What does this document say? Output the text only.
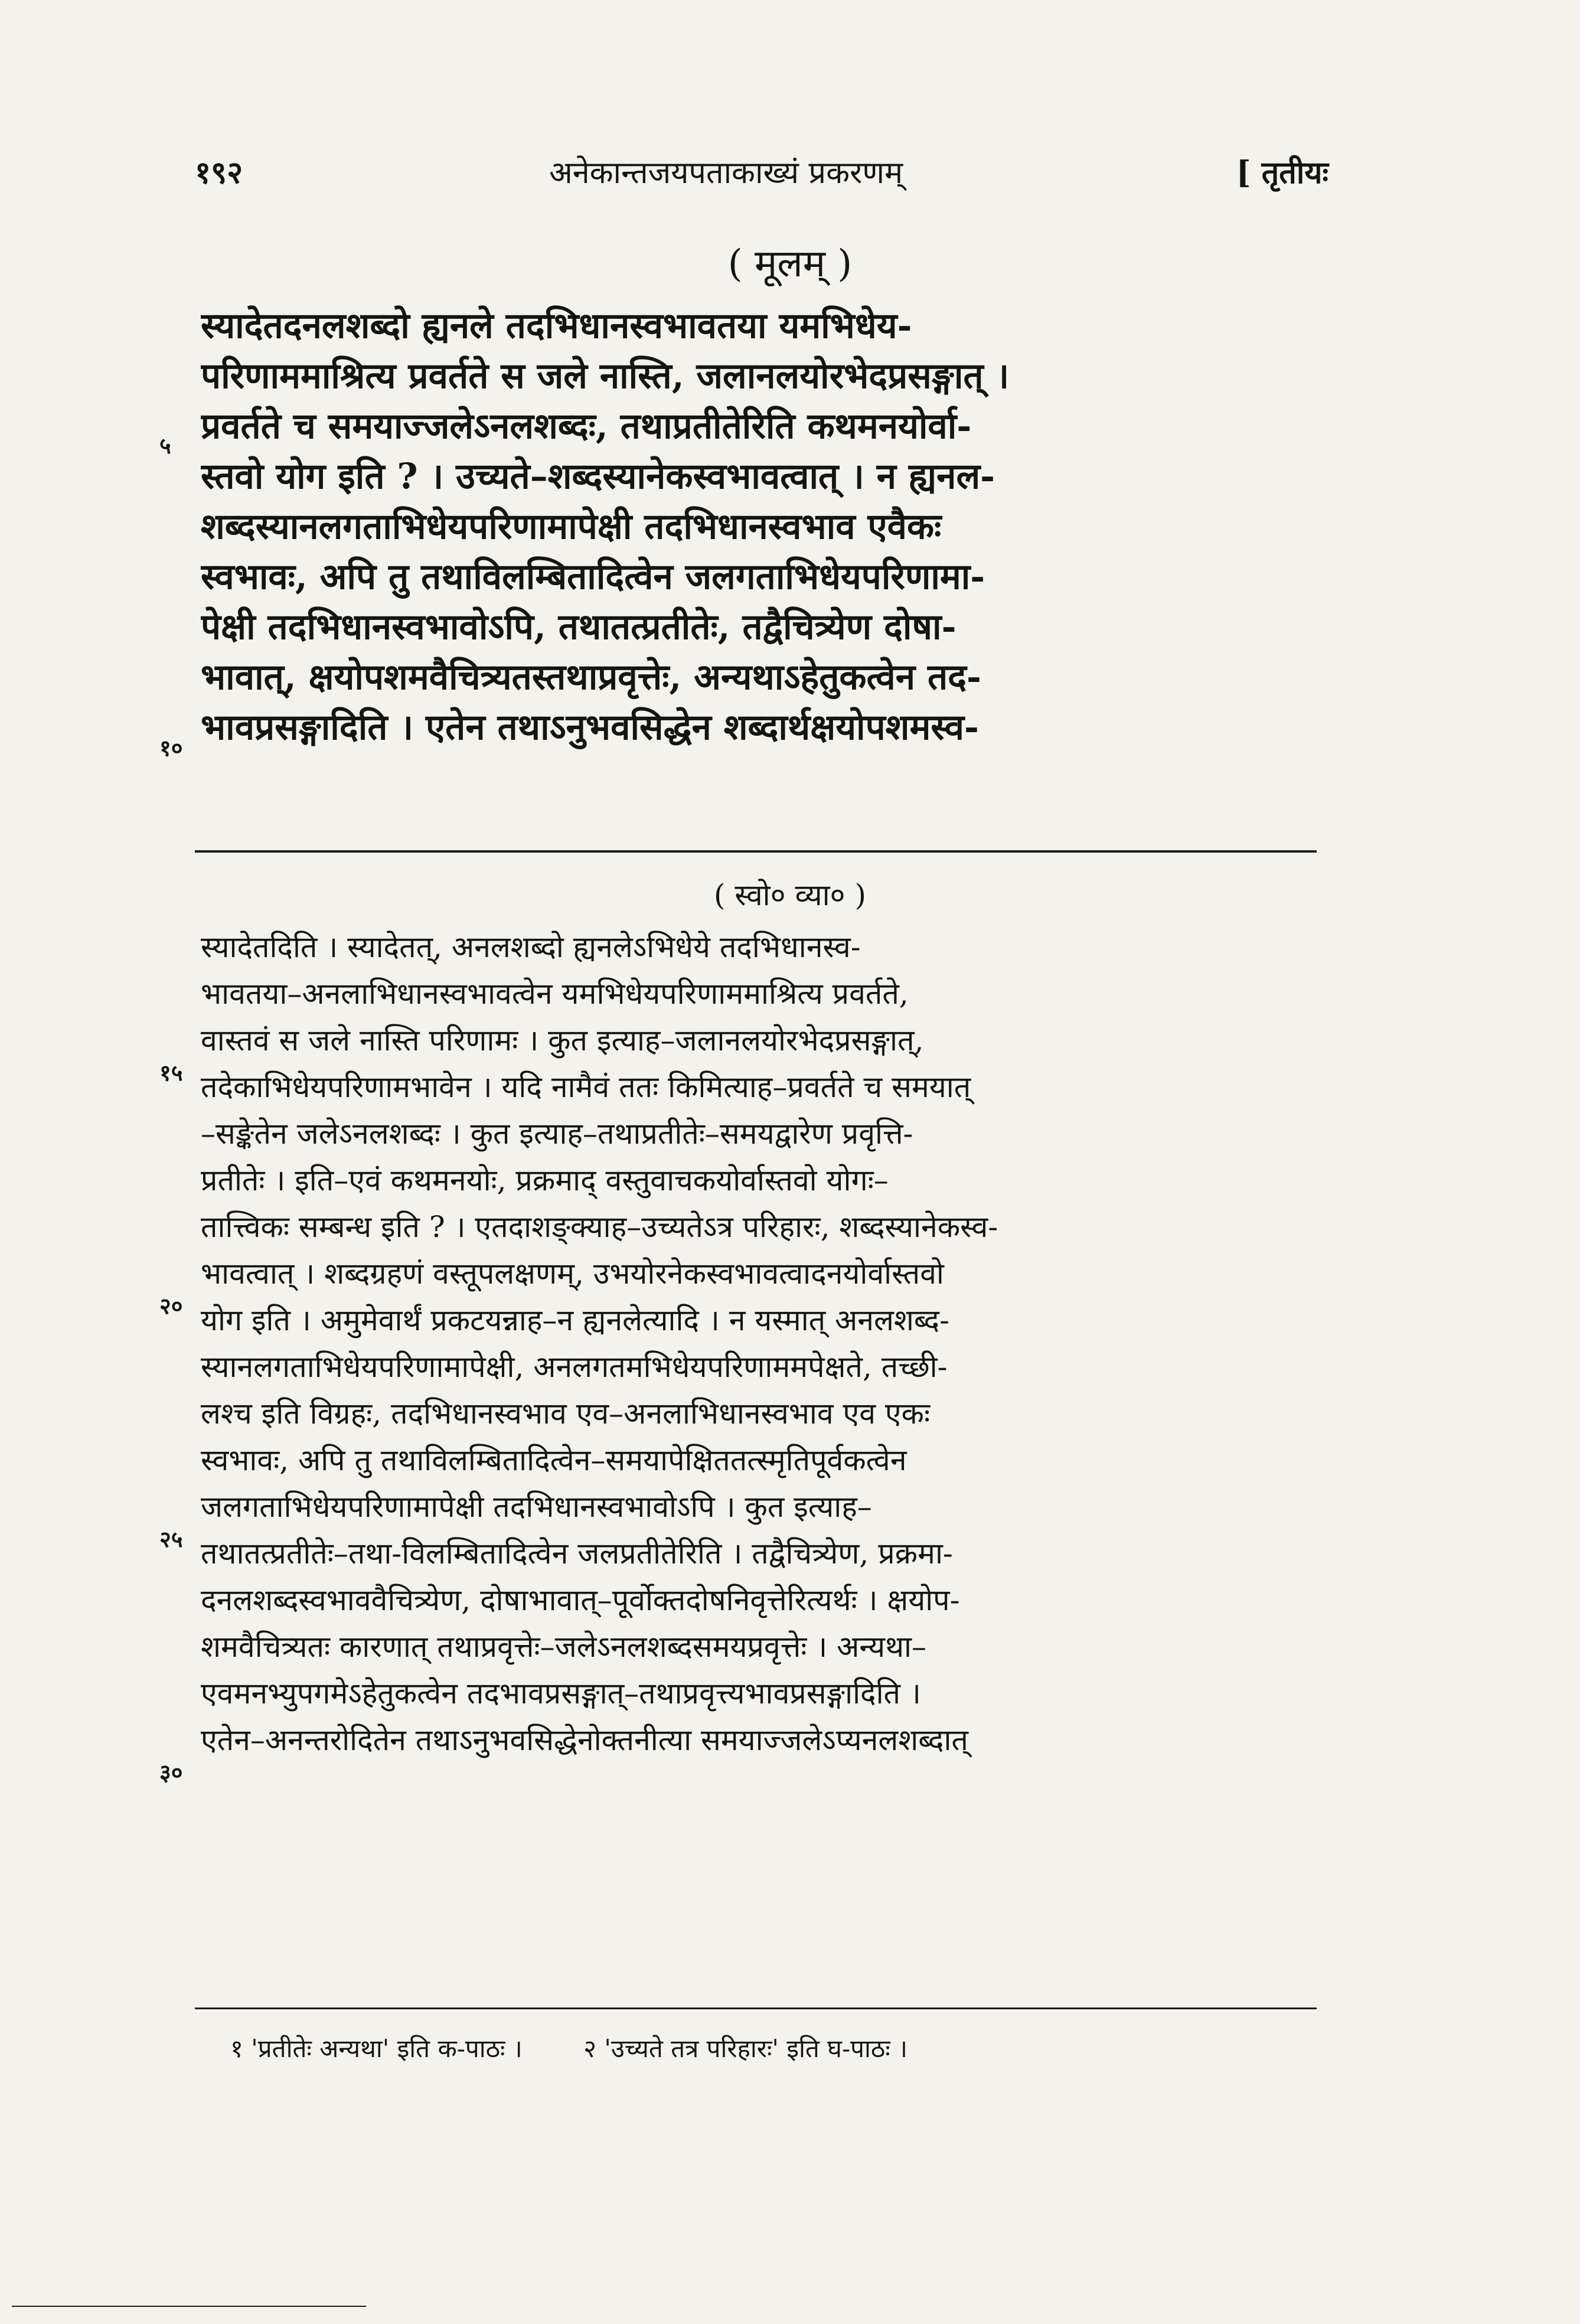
१९२	अनेकान्तजयपताकाख्यं प्रकरणम्	[ तृतीयः
( मूलम् )
स्यादेतदनलशब्दो ह्यनले तदभिधानस्वभावतया यमभिधेय-
परिणाममाश्रित्य प्रवर्तते स जले नास्ति, जलानलयोरभेदप्रसङ्गात् ।
प्रवर्तते च समयाज्जलेऽनलशब्दः, तथाप्रतीतेरिति कथमनयोर्वा-
स्तवो योग इति ? । उच्यते–शब्दस्यानेकस्वभावत्वात् । न ह्यनल-
शब्दस्यानलगताभिधेयपरिणामापेक्षी तदभिधानस्वभाव एवैकः
स्वभावः, अपि तु तथाविलम्बितादित्वेन जलगताभिधेयपरिणामा-
पेक्षी तदभिधानस्वभावोऽपि, तथातत्प्रतीतेः, तद्वैचित्र्येण दोषा-
भावात्, क्षयोपशमवैचित्र्यतस्तथाप्रवृत्तेः, अन्यथाऽहेतुकत्वेन तद-
भावप्रसङ्गादिति । एतेन तथाऽनुभवसिद्धेन शब्दार्थक्षयोपशमस्व-
५
१०
( स्वो० व्या० )
स्यादेतदिति । स्यादेतत्, अनलशब्दो ह्यनलेऽभिधेये तदभिधानस्व-
भावतया–अनलाभिधानस्वभावत्वेन यमभिधेयपरिणाममाश्रित्य प्रवर्तते,
वास्तवं स जले नास्ति परिणामः । कुत इत्याह–जलानलयोरभेदप्रसङ्गात्,
तदेकाभिधेयपरिणामभावेन । यदि नामैवं ततः किमित्याह–प्रवर्तते च समयात्
–सङ्केतेन जलेऽनलशब्दः । कुत इत्याह–तथाप्रतीतेः–समयद्वारेण प्रवृत्ति-
प्रतीतेः । इति–एवं कथमनयोः, प्रक्रमाद् वस्तुवाचकयोर्वास्तवो योगः–
तात्त्विकः सम्बन्ध इति ? । एतदाशङ्क्याह–उच्यतेऽत्र परिहारः, शब्दस्यानेकस्व-
भावत्वात् । शब्दग्रहणं वस्तूपलक्षणम्, उभयोरनेकस्वभावत्वादनयोर्वास्तवो
योग इति । अमुमेवार्थं प्रकटयन्नाह–न ह्यनलेत्यादि । न यस्मात् अनलशब्द-
स्यानलगताभिधेयपरिणामापेक्षी, अनलगतमभिधेयपरिणाममपेक्षते, तच्छी-
लश्च इति विग्रहः, तदभिधानस्वभाव एव–अनलाभिधानस्वभाव एव एकः
स्वभावः, अपि तु तथाविलम्बितादित्वेन–समयापेक्षिततत्स्मृतिपूर्वकत्वेन
जलगताभिधेयपरिणामापेक्षी तदभिधानस्वभावोऽपि । कुत इत्याह–
तथातत्प्रतीतेः–तथा-विलम्बितादित्वेन जलप्रतीतेरिति । तद्वैचित्र्येण, प्रक्रमा-
दनलशब्दस्वभाववैचित्र्येण, दोषाभावात्–पूर्वोक्तदोषनिवृत्तेरित्यर्थः । क्षयोप-
शमवैचित्र्यतः कारणात् तथाप्रवृत्तेः–जलेऽनलशब्दसमयप्रवृत्तेः । अन्यथा–
एवमनभ्युपगमेऽहेतुकत्वेन तदभावप्रसङ्गात्–तथाप्रवृत्त्यभावप्रसङ्गादिति ।
एतेन–अनन्तरोदितेन तथाऽनुभवसिद्धेनोक्तनीत्या समयाज्जलेऽप्यनलशब्दात्
१५
२०
२५
३०
१ 'प्रतीतेः अन्यथा' इति क-पाठः । २ 'उच्यते तत्र परिहारः' इति घ-पाठः ।
